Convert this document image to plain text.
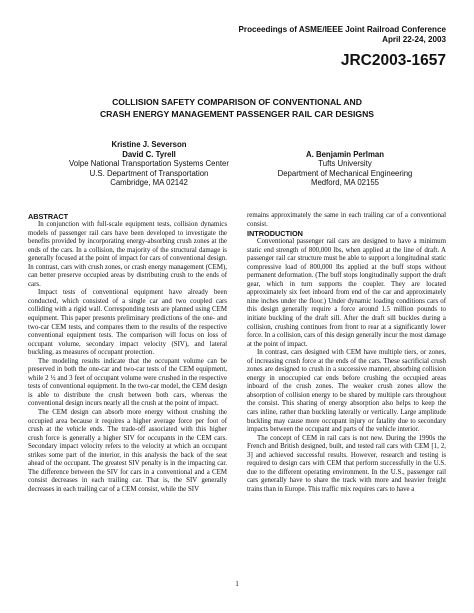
Proceedings of ASME/IEEE Joint Railroad Conference
April 22-24, 2003
JRC2003-1657
COLLISION SAFETY COMPARISON OF CONVENTIONAL AND
CRASH ENERGY MANAGEMENT PASSENGER RAIL CAR DESIGNS
Kristine J. Severson
David C. Tyrell
Volpe National Transportation Systems Center
U.S. Department of Transportation
Cambridge, MA 02142
A. Benjamin Perlman
Tufts University
Department of Mechanical Engineering
Medford, MA 02155
ABSTRACT

In conjunction with full-scale equipment tests, collision dynamics models of passenger rail cars have been developed to investigate the benefits provided by incorporating energy-absorbing crush zones at the ends of the cars. In a collision, the majority of the structural damage is generally focused at the point of impact for cars of conventional design. In contrast, cars with crush zones, or crash energy management (CEM), can better preserve occupied areas by distributing crush to the ends of cars.

Impact tests of conventional equipment have already been conducted, which consisted of a single car and two coupled cars colliding with a rigid wall. Corresponding tests are planned using CEM equipment. This paper presents preliminary predictions of the one- and two-car CEM tests, and compares them to the results of the respective conventional equipment tests. The comparison will focus on loss of occupant volume, secondary impact velocity (SIV), and lateral buckling, as measures of occupant protection.

The modeling results indicate that the occupant volume can be preserved in both the one-car and two-car tests of the CEM equipment, while 2 ½ and 3 feet of occupant volume were crushed in the respective tests of conventional equipment. In the two-car model, the CEM design is able to distribute the crush between both cars, whereas the conventional design incurs nearly all the crush at the point of impact.

The CEM design can absorb more energy without crushing the occupied area because it requires a higher average force per foot of crush at the vehicle ends. The trade-off associated with this higher crush force is generally a higher SIV for occupants in the CEM cars. Secondary impact velocity refers to the velocity at which an occupant strikes some part of the interior, in this analysis the back of the seat ahead of the occupant. The greatest SIV penalty is in the impacting car. The difference between the SIV for cars in a conventional and a CEM consist decreases in each trailing car. That is, the SIV generally decreases in each trailing car of a CEM consist, while the SIV

remains approximately the same in each trailing car of a conventional consist.

INTRODUCTION

Conventional passenger rail cars are designed to have a minimum static end strength of 800,000 lbs, when applied at the line of draft. A passenger rail car structure must be able to support a longitudinal static compressive load of 800,000 lbs applied at the buff stops without permanent deformation. (The buff stops longitudinally support the draft gear, which in turn supports the coupler. They are located approximately six feet inboard from end of the car and approximately nine inches under the floor.) Under dynamic loading conditions cars of this design generally require a force around 1.5 million pounds to initiate buckling of the draft sill. After the draft sill buckles during a collision, crushing continues from front to rear at a significantly lower force. In a collision, cars of this design generally incur the most damage at the point of impact.

In contrast, cars designed with CEM have multiple tiers, or zones, of increasing crush force at the ends of the cars. These sacrificial crush zones are designed to crush in a successive manner, absorbing collision energy in unoccupied car ends before crushing the occupied areas inboard of the crush zones. The weaker crush zones allow the absorption of collision energy to be shared by multiple cars throughout the consist. This sharing of energy absorption also helps to keep the cars inline, rather than buckling laterally or vertically. Large amplitude buckling may cause more occupant injury or fatality due to secondary impacts between the occupant and parts of the vehicle interior.

The concept of CEM in rail cars is not new. During the 1990s the French and British designed, built, and tested rail cars with CEM [1, 2, 3] and achieved successful results. However, research and testing is required to design cars with CEM that perform successfully in the U.S. due to the different operating environment. In the U.S., passenger rail cars generally have to share the track with more and heavier freight trains than in Europe. This traffic mix requires cars to have a

1
